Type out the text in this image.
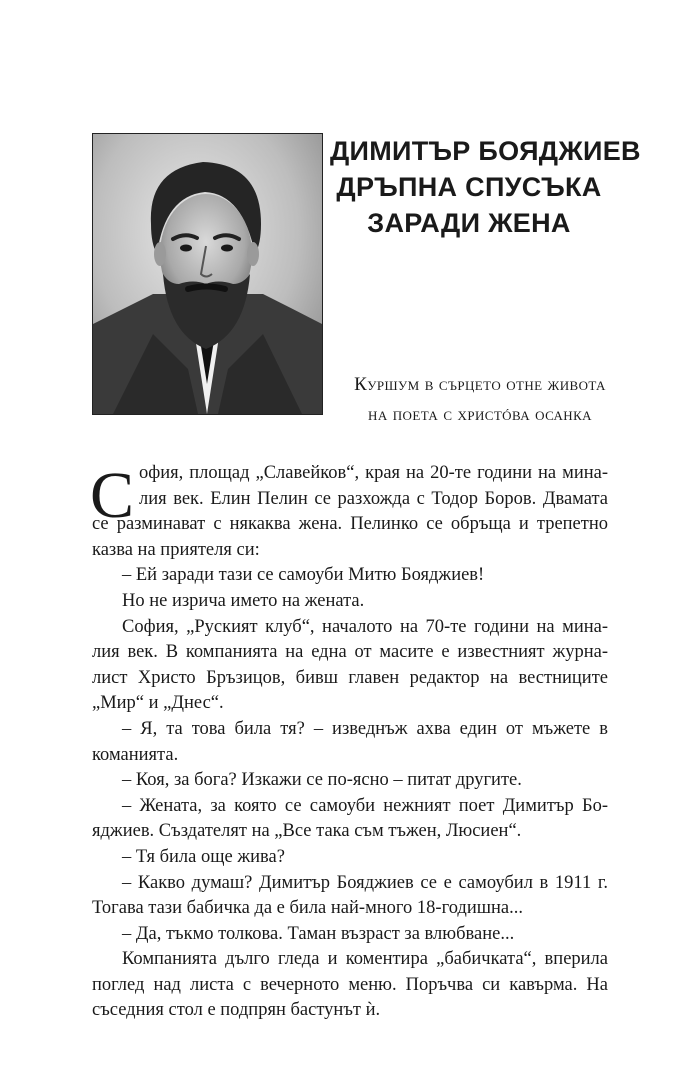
ДИМИТЪР БОЯДЖИЕВ
ДРЪПНА СПУСЪКА
ЗАРАДИ ЖЕНА

Куршум в сърцето отне живота
на поета с христóва осанка

С офия, площад „Славейков“, края на 20-те години на мина-
лия век. Елин Пелин се разхожда с Тодор Боров. Двамата
се разминават с някаква жена. Пелинко се обръща и трепетно
казва на приятеля си:
– Ей заради тази се самоуби Митю Бояджиев!
Но не изрича името на жената.
София, „Руският клуб“, началото на 70-те години на мина-
лия век. В компанията на една от масите е известният журна-
лист Христо Бръзицов, бивш главен редактор на вестниците
„Мир“ и „Днес“.
– Я, та това била тя? – изведнъж ахва един от мъжете в
команията.
– Коя, за бога? Изкажи се по-ясно – питат другите.
– Жената, за която се самоуби нежният поет Димитър Бо-
яджиев. Създателят на „Все така съм тъжен, Люсиен“.
– Тя била още жива?
– Какво думаш? Димитър Бояджиев се е самоубил в 1911 г.
Тогава тази бабичка да е била най-много 18-годишна...
– Да, тъкмо толкова. Таман възраст за влюбване...
Компанията дълго гледа и коментира „бабичката“, вперила
поглед над листа с вечерното меню. Поръчва си кавърма. На
съседния стол е подпрян бастунът ѝ.
